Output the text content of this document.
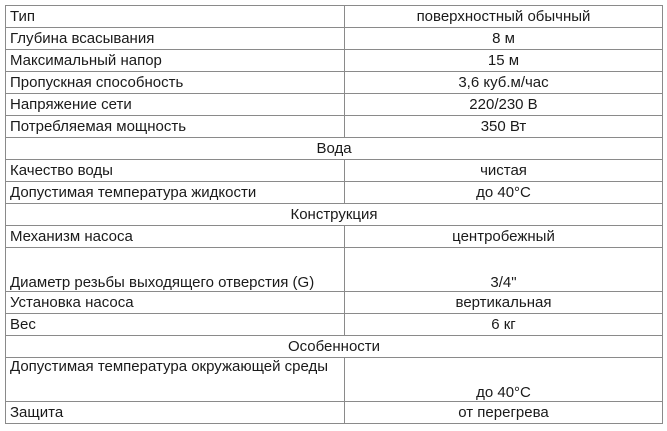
Тип	поверхностный обычный
Глубина всасывания	8 м
Максимальный напор	15 м
Пропускная способность	3,6 куб.м/час
Напряжение сети	220/230 В
Потребляемая мощность	350 Вт
Вода	
Качество воды	чистая
Допустимая температура жидкости	до 40°C
Конструкция	
Механизм насоса	центробежный
Диаметр резьбы выходящего отверстия (G)	3/4"
Установка насоса	вертикальная
Вес	6 кг
Особенности	
Допустимая температура окружающей среды	до 40°C
Защита	от перегрева
